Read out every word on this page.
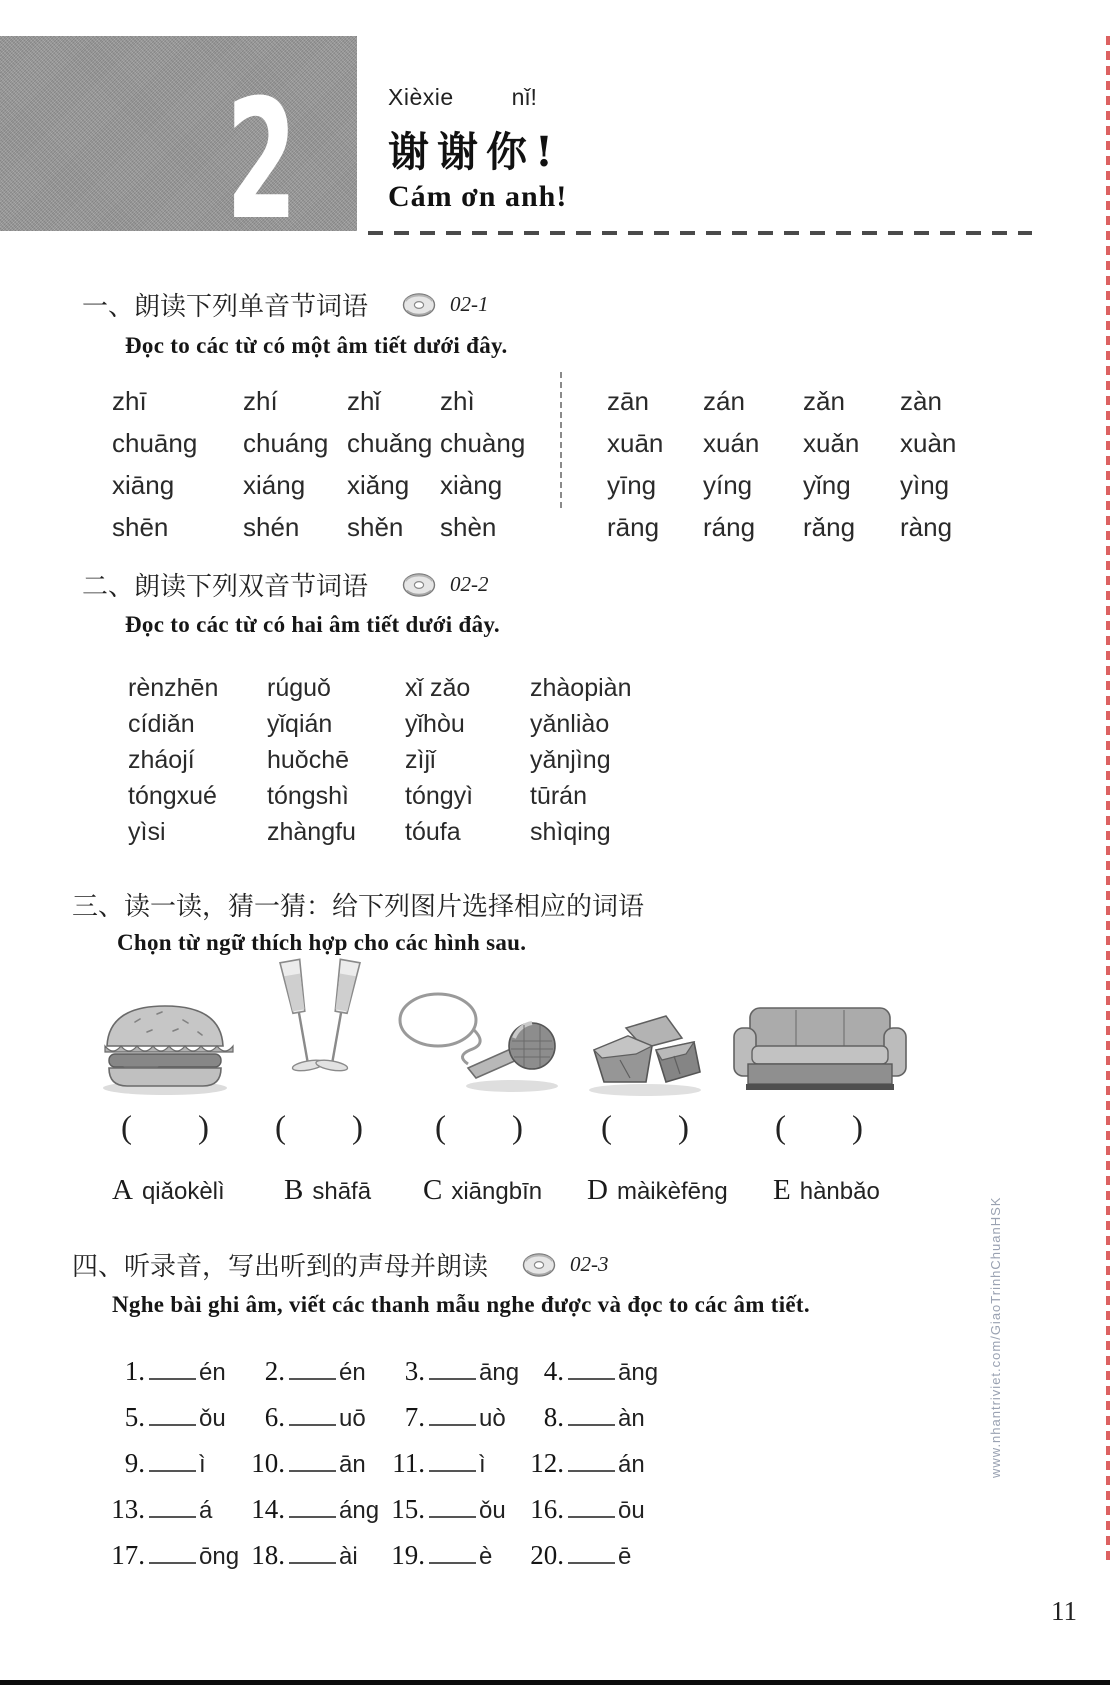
2	Xièxie	nǐ!
谢谢你!
Cám ơn anh!
一、 朗读下列单音节词语	02-1
Đọc to các từ có một âm tiết dưới đây.
zhī	zhí	zhǐ	zhì
chuāng	chuáng chuǎng chuàng
xiāng	xiáng	xiǎng	xiàng
shēn	shén	shěn	shèn
zān	zán	zǎn	zàn
xuān	xuán	xuǎn	xuàn
yīng	yíng	yǐng	yìng
rāng	ráng	rǎng	ràng
二、 朗读下列双音节词语	02-2
Đọc to các từ có hai âm tiết dưới đây.
rènzhēn	rúguǒ	xǐ zǎo	zhàopiàn
cídiǎn	yǐqián	yǐhòu	yǎnliào
zháojí	huǒchē	zìjǐ	yǎnjìng
tóngxué	tóngshì	tóngyì	tūrán
yìsi	zhàngfu	tóufa	shìqing
三、 读一读，猜一猜：给下列图片选择相应的词语
Chọn từ ngữ thích hợp cho các hình sau.
( ) ( ) ( ) ( )	( )
A qiǎokèlì B shāfā C xiāngbīn D màikèfēng E hànbǎo
四、 听录音，写出听到的声母并朗读	02-3
Nghe bài ghi âm, viết các thanh mẫu nghe được và đọc to các âm tiết.
1. én	2. én	3. āng 4. āng
5. ǒu	6. uō	7. uò	8. àn
9. ì	10. ān 11. ì	12. án
13. á	14. áng 15. ǒu 16. ōu
17. ōng 18. ài	19. è	20. ē
www.nhantriviet.com/GiaoTrinhChuanHSK
11
